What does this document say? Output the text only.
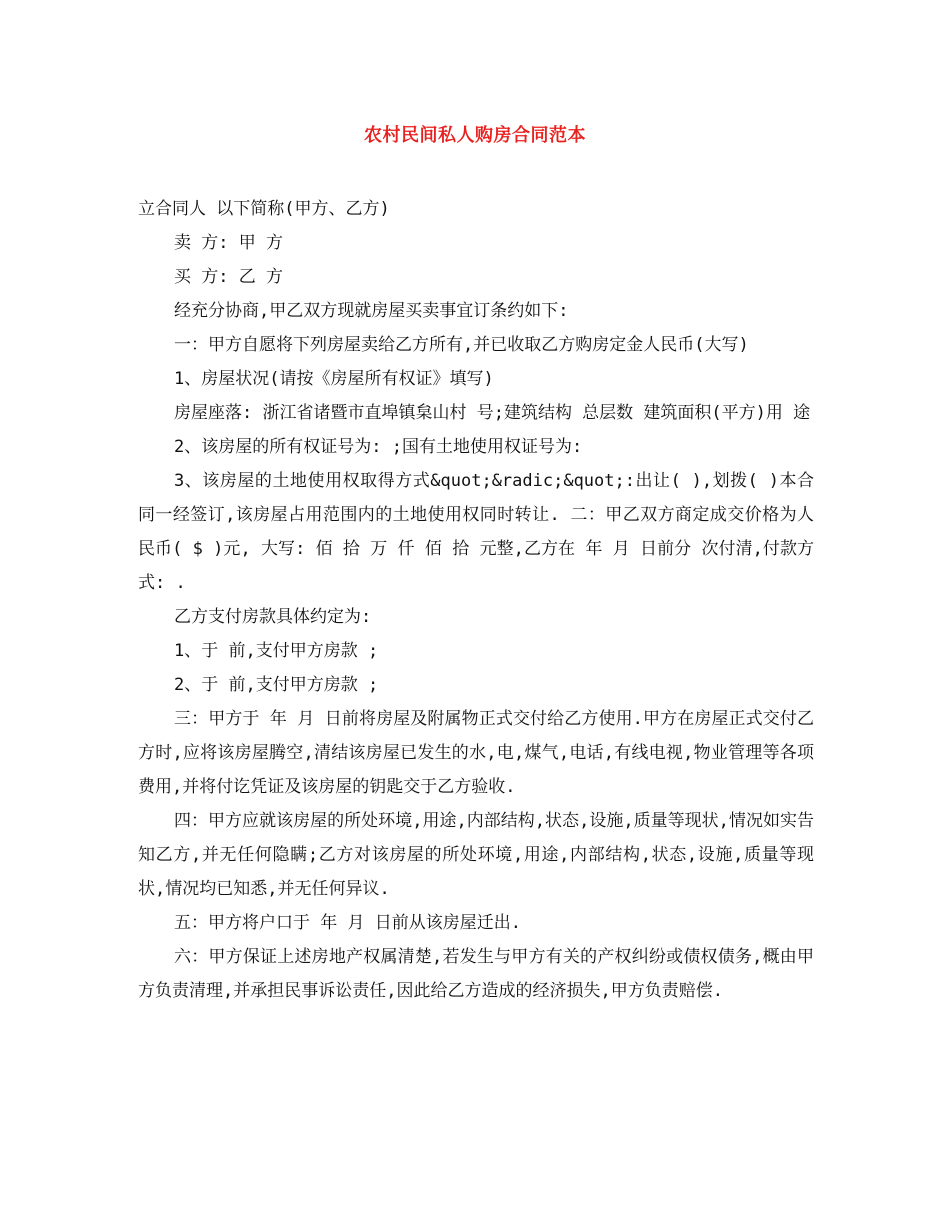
农村民间私人购房合同范本

立合同人 以下简称(甲方、乙方)

卖 方: 甲 方

买 方: 乙 方

经充分协商,甲乙双方现就房屋买卖事宜订条约如下:

一：甲方自愿将下列房屋卖给乙方所有,并已收取乙方购房定金人民币(大写)

1、房屋状况(请按《房屋所有权证》填写)

房屋座落: 浙江省诸暨市直埠镇枲山村 号;建筑结构 总层数 建筑面积(平方)用 途

2、该房屋的所有权证号为: ;国有土地使用权证号为:

3、该房屋的土地使用权取得方式&quot;&radic;&quot;:出让( ),划拨( )本合同一经签订,该房屋占用范围内的土地使用权同时转让. 二：甲乙双方商定成交价格为人民币( $ )元, 大写: 佰 拾 万 仟 佰 拾 元整,乙方在 年 月 日前分 次付清,付款方式: .

乙方支付房款具体约定为:

1、于 前,支付甲方房款 ;

2、于 前,支付甲方房款 ;

三：甲方于 年 月 日前将房屋及附属物正式交付给乙方使用.甲方在房屋正式交付乙方时,应将该房屋腾空,清结该房屋已发生的水,电,煤气,电话,有线电视,物业管理等各项费用,并将付讫凭证及该房屋的钥匙交于乙方验收.

四：甲方应就该房屋的所处环境,用途,内部结构,状态,设施,质量等现状,情况如实告知乙方,并无任何隐瞒;乙方对该房屋的所处环境,用途,内部结构,状态,设施,质量等现状,情况均已知悉,并无任何异议.

五：甲方将户口于 年 月 日前从该房屋迁出.

六：甲方保证上述房地产权属清楚,若发生与甲方有关的产权纠纷或债权债务,概由甲方负责清理,并承担民事诉讼责任,因此给乙方造成的经济损失,甲方负责赔偿.
